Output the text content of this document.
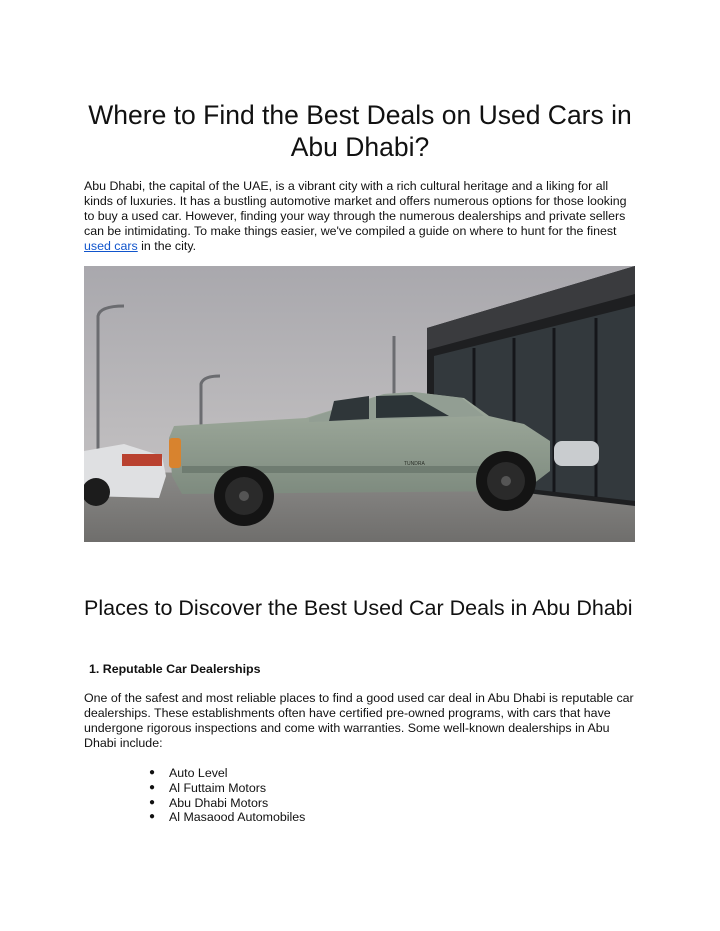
Where to Find the Best Deals on Used Cars in Abu Dhabi?

Abu Dhabi, the capital of the UAE, is a vibrant city with a rich cultural heritage and a liking for all kinds of luxuries. It has a bustling automotive market and offers numerous options for those looking to buy a used car. However, finding your way through the numerous dealerships and private sellers can be intimidating. To make things easier, we've compiled a guide on where to hunt for the finest used cars in the city.

TUNDRA
Places to Discover the Best Used Car Deals in Abu Dhabi
1. Reputable Car Dealerships

One of the safest and most reliable places to find a good used car deal in Abu Dhabi is reputable car dealerships. These establishments often have certified pre-owned programs, with cars that have undergone rigorous inspections and come with warranties. Some well-known dealerships in Abu Dhabi include:

● Auto Level
● Al Futtaim Motors
● Abu Dhabi Motors
● Al Masaood Automobiles
